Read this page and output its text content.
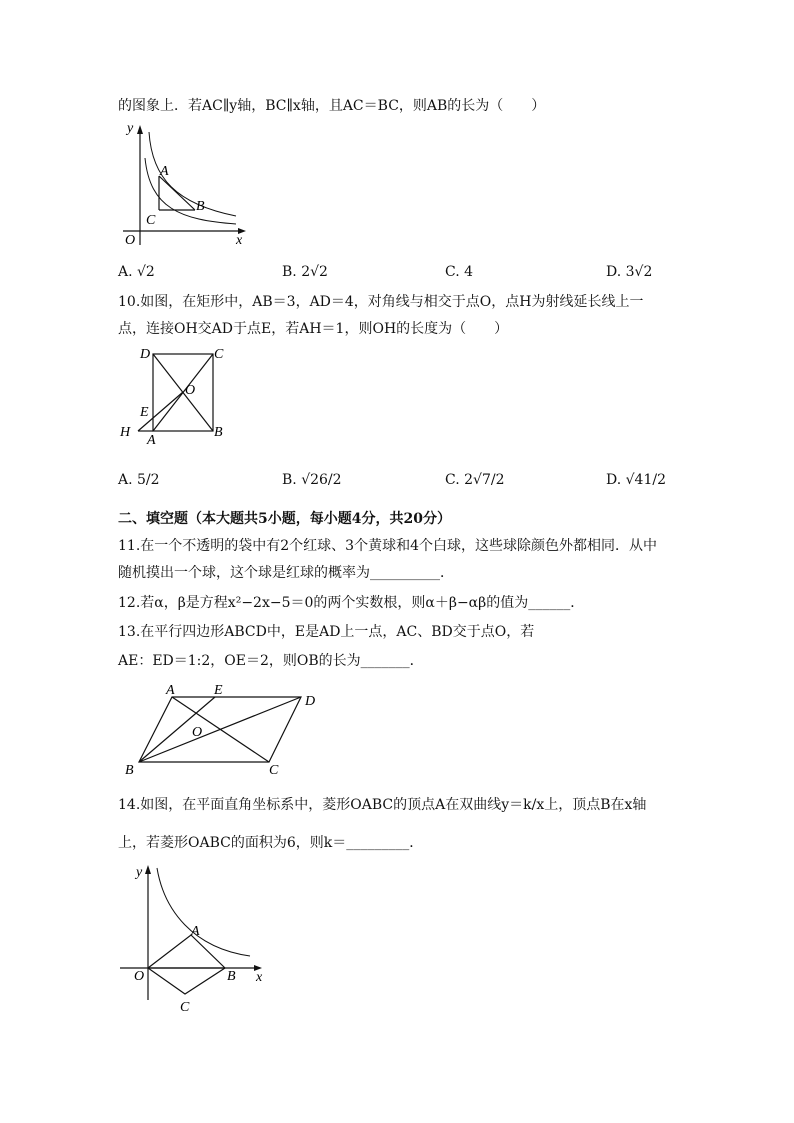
的图象上．若AC∥y轴，BC∥x轴，且AC＝BC，则AB的长为（　　）
y
x
O
A
B
C
A. √2	B. 2√2	C. 4	D. 3√2
10.如图，在矩形中，AB＝3，AD＝4，对角线与相交于点O，点H为射线延长线上一
点，连接OH交AD于点E，若AH＝1，则OH的长度为（　　）
D	C
O
E
H
A
B
A. 5/2	B. √26/2	C. 2√7/2	D. √41/2
二、填空题（本大题共5小题，每小题4分，共20分）
11.在一个不透明的袋中有2个红球、3个黄球和4个白球，这些球除颜色外都相同．从中
随机摸出一个球，这个球是红球的概率为__________．
12.若α，β是方程x²−2x−5＝0的两个实数根，则α＋β−αβ的值为______．
13.在平行四边形ABCD中，E是AD上一点，AC、BD交于点O，若
AE：ED＝1:2，OE＝2，则OB的长为_______．
A	E
D
O
B	C
14.如图，在平面直角坐标系中，菱形OABC的顶点A在双曲线y＝k/x上，顶点B在x轴
上，若菱形OABC的面积为6，则k＝_________．
y
x
O
A
B
C
